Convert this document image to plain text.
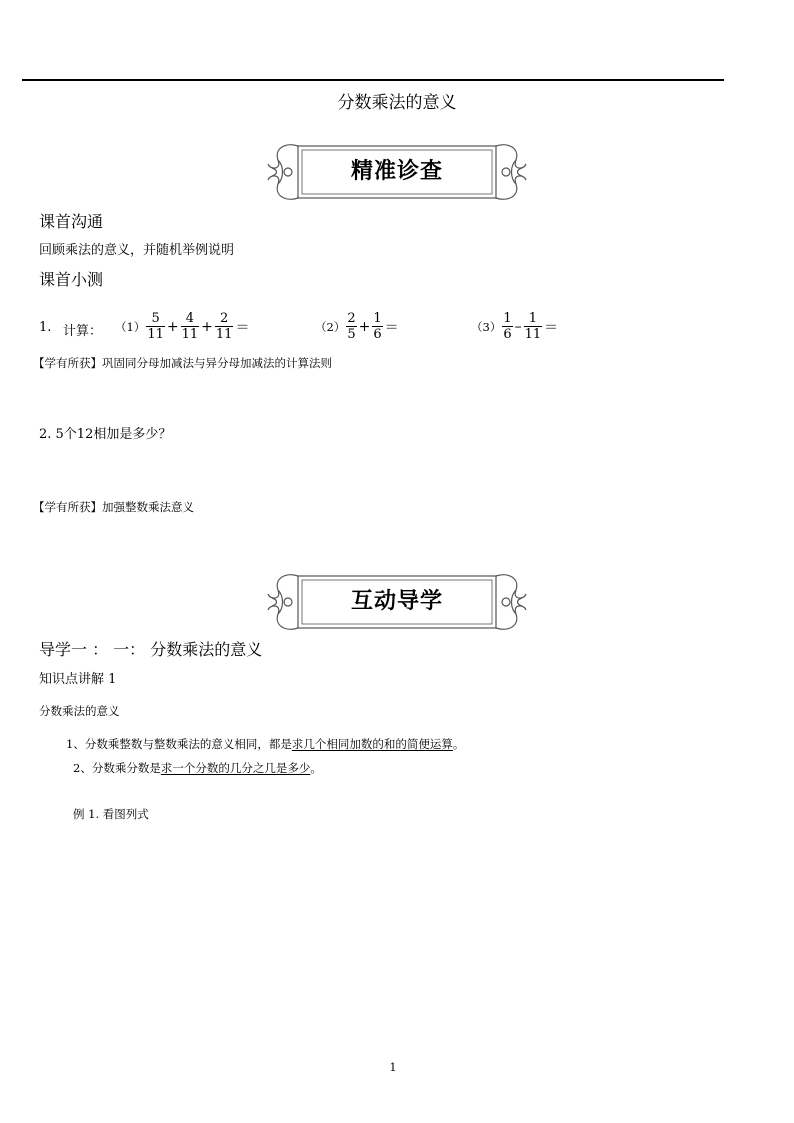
分数乘法的意义
精准诊查
课首沟通
回顾乘法的意义，并随机举例说明
课首小测
1. 计算： $(1) \frac{5}{11} + \frac{4}{11} + \frac{2}{11}$ ＝	$(2) \frac{2}{5} + \frac{1}{6}$ ＝	$(3) \frac{1}{6} - \frac{1}{11}$ ＝
【学有所获】巩固同分母加减法与异分母加减法的计算法则
2. 5个12相加是多少？
【学有所获】加强整数乘法意义
互动导学
导学一 ： 一： 分数乘法的意义
知识点讲解 1
分数乘法的意义
1、分数乘整数与整数乘法的意义相同，都是求几个相同加数的和的简便运算。
2、分数乘分数是求一个分数的几分之几是多少。
例 1. 看图列式
1
